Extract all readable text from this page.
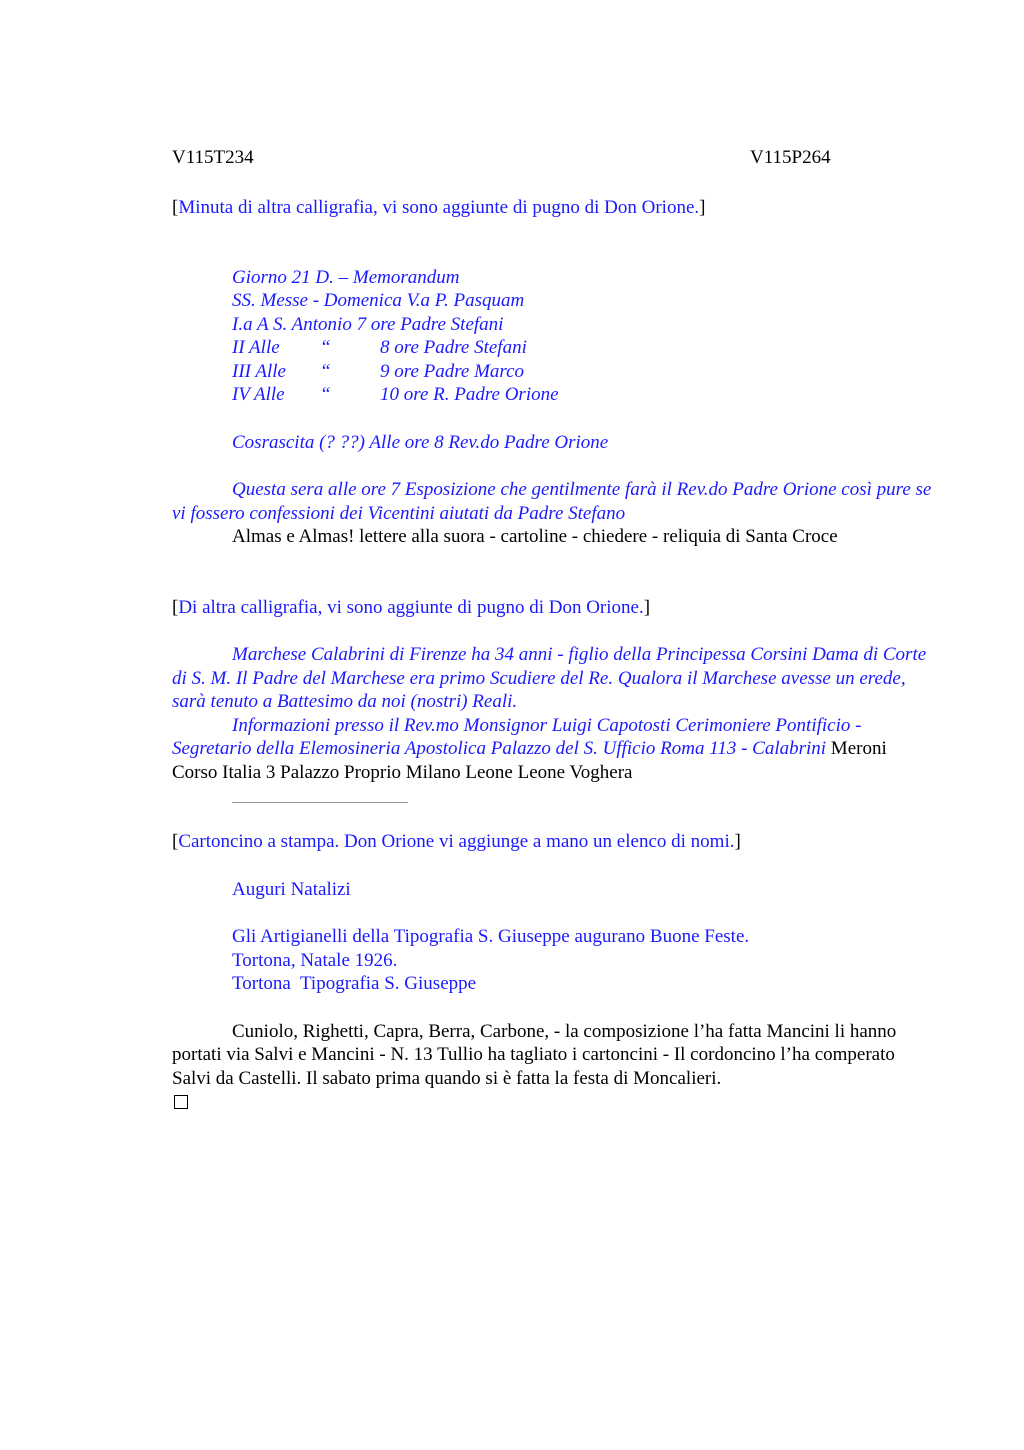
V115T234	V115P264

[Minuta di altra calligrafia, vi sono aggiunte di pugno di Don Orione.]

Giorno 21 D. – Memorandum

SS. Messe - Domenica V.a P. Pasquam

I.a A S. Antonio 7 ore Padre Stefani

II Alle	“	8 ore Padre Stefani
III Alle	“	9 ore Padre Marco
IV Alle	“	10 ore R. Padre Orione

Cosrascita (? ??) Alle ore 8 Rev.do Padre Orione

Questa sera alle ore 7 Esposizione che gentilmente farà il Rev.do Padre Orione così pure se vi fossero confessioni dei Vicentini aiutati da Padre Stefano

Almas e Almas! lettere alla suora - cartoline - chiedere - reliquia di Santa Croce

[Di altra calligrafia, vi sono aggiunte di pugno di Don Orione.]

Marchese Calabrini di Firenze ha 34 anni - figlio della Principessa Corsini Dama di Corte di S. M. Il Padre del Marchese era primo Scudiere del Re. Qualora il Marchese avesse un erede, sarà tenuto a Battesimo da noi (nostri) Reali.

Informazioni presso il Rev.mo Monsignor Luigi Capotosti Cerimoniere Pontificio - Segretario della Elemosineria Apostolica Palazzo del S. Ufficio Roma 113 - Calabrini Meroni Corso Italia 3 Palazzo Proprio Milano Leone Leone Voghera

[Cartoncino a stampa. Don Orione vi aggiunge a mano un elenco di nomi.]

Auguri Natalizi

Gli Artigianelli della Tipografia S. Giuseppe augurano Buone Feste.

Tortona, Natale 1926.

Tortona  Tipografia S. Giuseppe

Cuniolo, Righetti, Capra, Berra, Carbone, - la composizione l’ha fatta Mancini li hanno portati via Salvi e Mancini - N. 13 Tullio ha tagliato i cartoncini - Il cordoncino l’ha comperato Salvi da Castelli. Il sabato prima quando si è fatta la festa di Moncalieri.
